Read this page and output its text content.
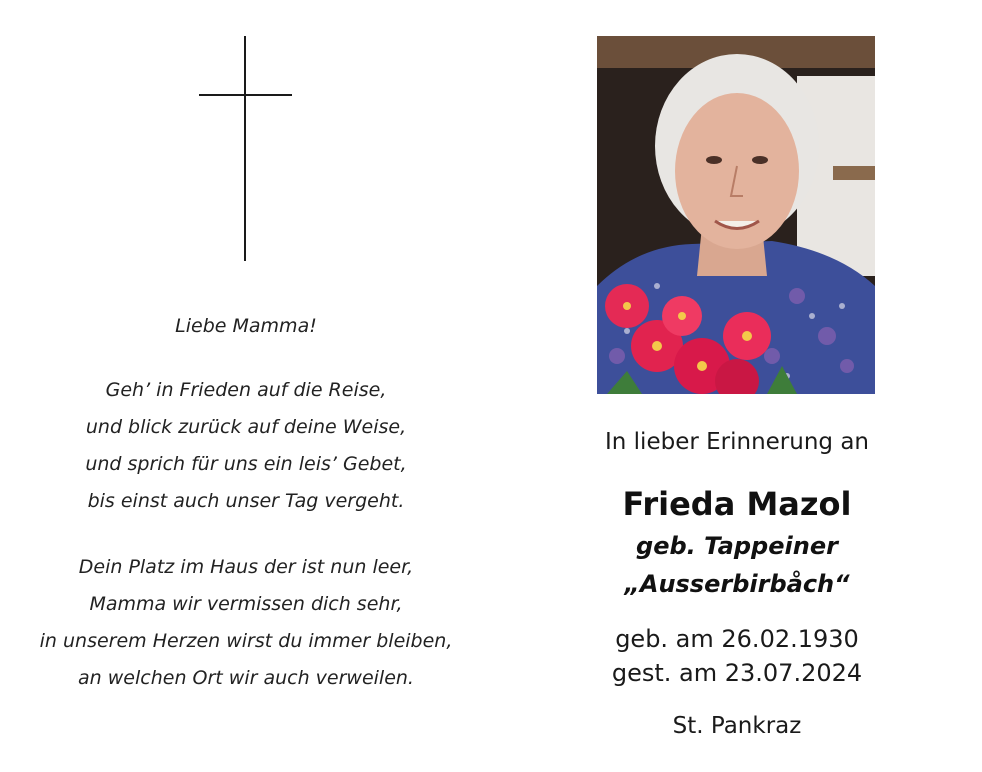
Liebe Mamma!
Geh’ in Frieden auf die Reise,
und blick zurück auf deine Weise,
und sprich für uns ein leis’ Gebet,
bis einst auch unser Tag vergeht.
Dein Platz im Haus der ist nun leer,
Mamma wir vermissen dich sehr,
in unserem Herzen wirst du immer bleiben,
an welchen Ort wir auch verweilen.
In lieber Erinnerung an
Frieda Mazol
geb. Tappeiner
„Ausserbirbåch“
geb. am 26.02.1930
gest. am 23.07.2024
St. Pankraz
